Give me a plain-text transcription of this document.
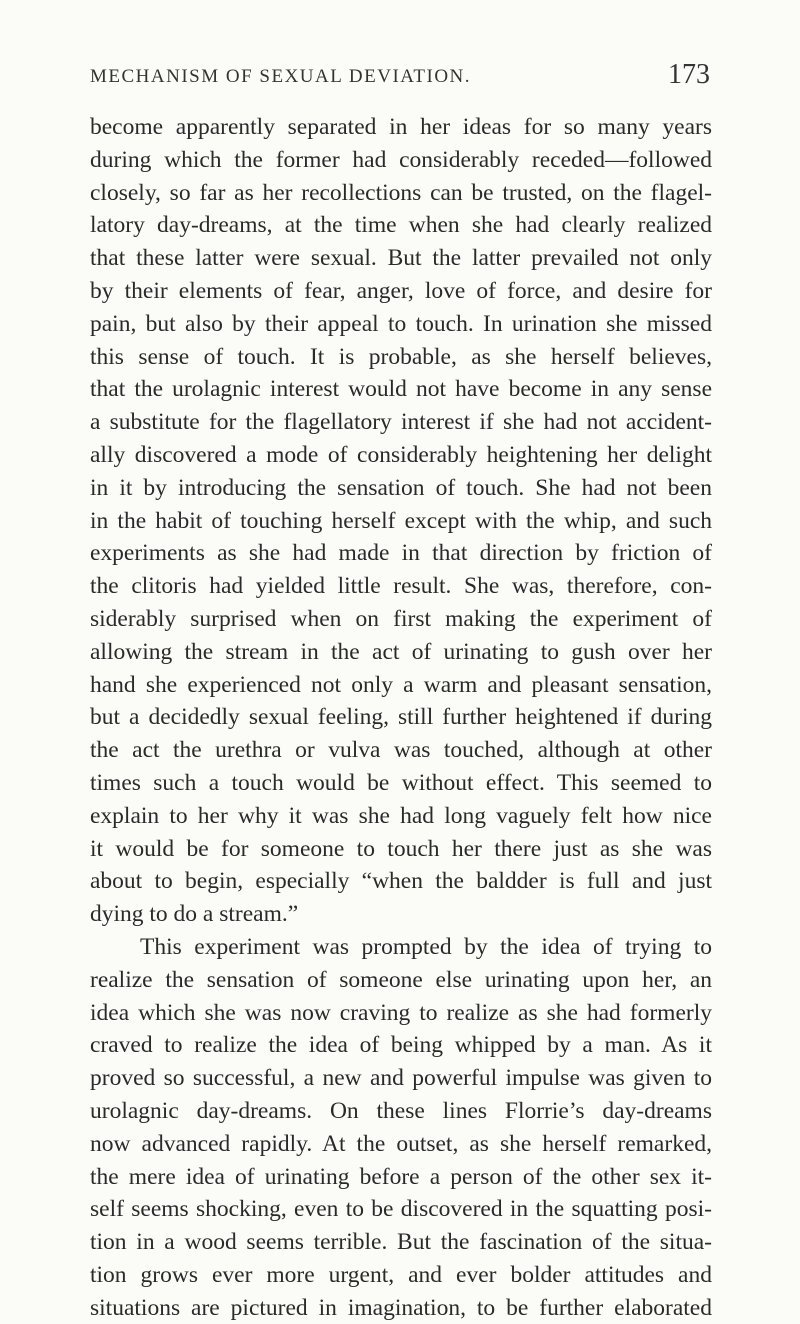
MECHANISM OF SEXUAL DEVIATION.	173
become apparently separated in her ideas for so many years
during which the former had considerably receded—followed
closely, so far as her recollections can be trusted, on the flagel-
latory day-dreams, at the time when she had clearly realized
that these latter were sexual. But the latter prevailed not only
by their elements of fear, anger, love of force, and desire for
pain, but also by their appeal to touch. In urination she missed
this sense of touch. It is probable, as she herself believes,
that the urolagnic interest would not have become in any sense
a substitute for the flagellatory interest if she had not accident-
ally discovered a mode of considerably heightening her delight
in it by introducing the sensation of touch. She had not been
in the habit of touching herself except with the whip, and such
experiments as she had made in that direction by friction of
the clitoris had yielded little result. She was, therefore, con-
siderably surprised when on first making the experiment of
allowing the stream in the act of urinating to gush over her
hand she experienced not only a warm and pleasant sensation,
but a decidedly sexual feeling, still further heightened if during
the act the urethra or vulva was touched, although at other
times such a touch would be without effect. This seemed to
explain to her why it was she had long vaguely felt how nice
it would be for someone to touch her there just as she was
about to begin, especially “when the baldder is full and just
dying to do a stream.”
This experiment was prompted by the idea of trying to
realize the sensation of someone else urinating upon her, an
idea which she was now craving to realize as she had formerly
craved to realize the idea of being whipped by a man. As it
proved so successful, a new and powerful impulse was given to
urolagnic day-dreams. On these lines Florrie’s day-dreams
now advanced rapidly. At the outset, as she herself remarked,
the mere idea of urinating before a person of the other sex it-
self seems shocking, even to be discovered in the squatting posi-
tion in a wood seems terrible. But the fascination of the situa-
tion grows ever more urgent, and ever bolder attitudes and
situations are pictured in imagination, to be further elaborated
